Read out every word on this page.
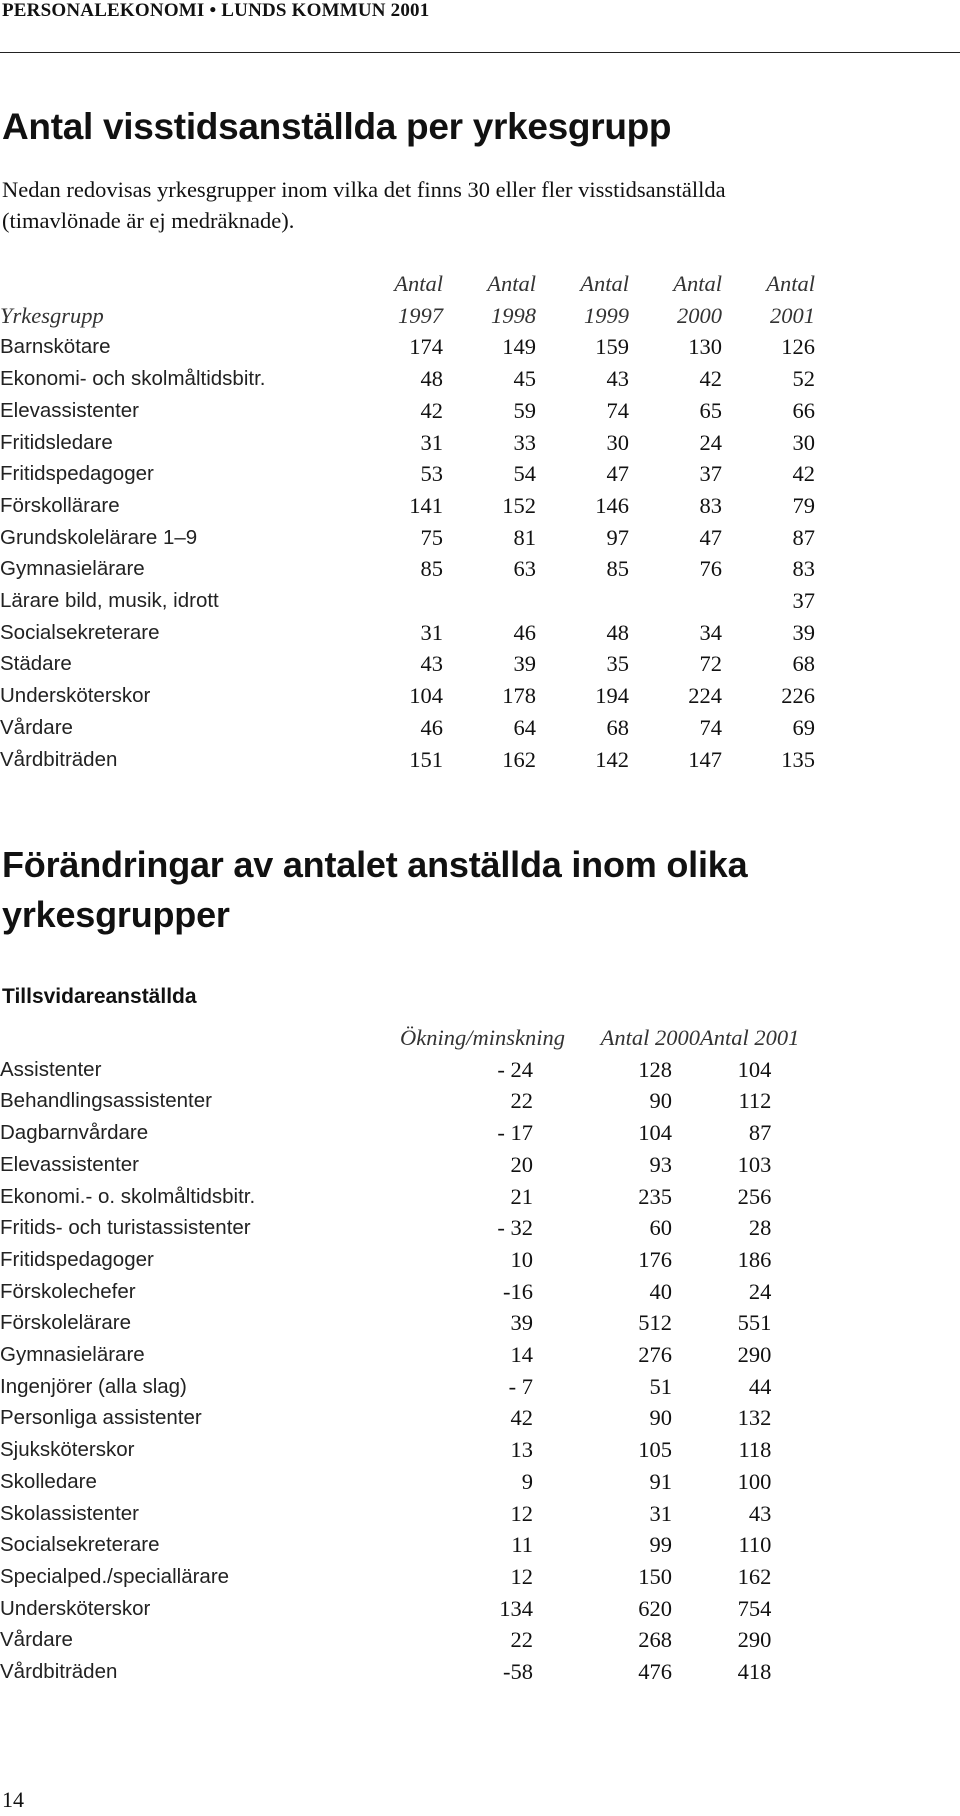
PERSONALEKONOMI • LUNDS KOMMUN 2001
Antal visstidsanställda per yrkesgrupp

Nedan redovisas yrkesgrupper inom vilka det finns 30 eller fler visstidsanställda (timavlönade är ej medräknade).

	Antal	Antal	Antal	Antal	Antal
Yrkesgrupp	1997	1998	1999	2000	2001
Barnskötare	174	149	159	130	126
Ekonomi- och skolmåltidsbitr.	48	45	43	42	52
Elevassistenter	42	59	74	65	66
Fritidsledare	31	33	30	24	30
Fritidspedagoger	53	54	47	37	42
Förskollärare	141	152	146	83	79
Grundskolelärare 1–9	75	81	97	47	87
Gymnasielärare	85	63	85	76	83
Lärare bild, musik, idrott					37
Socialsekreterare	31	46	48	34	39
Städare	43	39	35	72	68
Undersköterskor	104	178	194	224	226
Vårdare	46	64	68	74	69
Vårdbiträden	151	162	142	147	135
Förändringar av antalet anställda inom olika yrkesgrupper
Tillsvidareanställda
	Ökning/minskning	Antal 2000	Antal 2001
Assistenter	- 24	128	104
Behandlingsassistenter	22	90	112
Dagbarnvårdare	- 17	104	87
Elevassistenter	20	93	103
Ekonomi.- o. skolmåltidsbitr.	21	235	256
Fritids- och turistassistenter	- 32	60	28
Fritidspedagoger	10	176	186
Förskolechefer	-16	40	24
Förskolelärare	39	512	551
Gymnasielärare	14	276	290
Ingenjörer (alla slag)	- 7	51	44
Personliga assistenter	42	90	132
Sjuksköterskor	13	105	118
Skolledare	9	91	100
Skolassistenter	12	31	43
Socialsekreterare	11	99	110
Specialped./speciallärare	12	150	162
Undersköterskor	134	620	754
Vårdare	22	268	290
Vårdbiträden	-58	476	418
14
